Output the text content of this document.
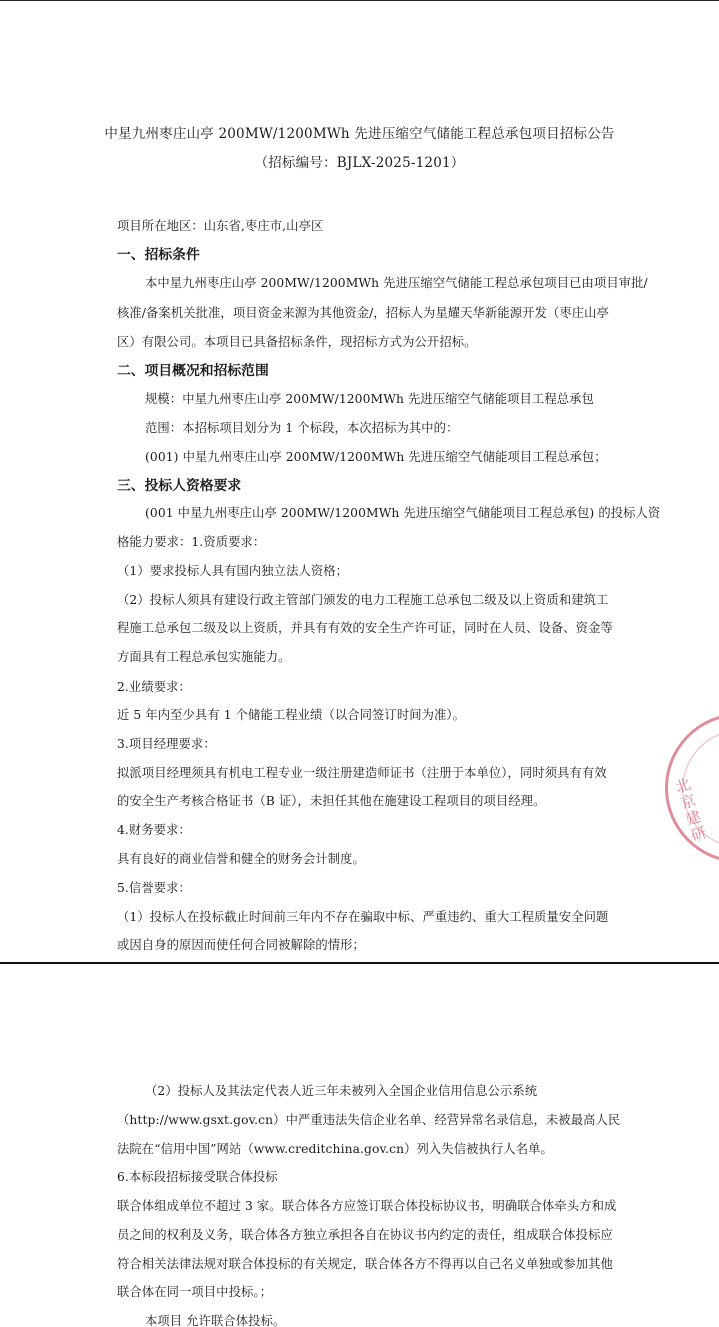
中星九州枣庄山亭 200MW/1200MWh 先进压缩空气储能工程总承包项目招标公告
（招标编号：BJLX-2025-1201）
项目所在地区：山东省,枣庄市,山亭区
一、招标条件
本中星九州枣庄山亭 200MW/1200MWh 先进压缩空气储能工程总承包项目已由项目审批/
核准/备案机关批准，项目资金来源为其他资金/，招标人为星耀天华新能源开发（枣庄山亭
区）有限公司。本项目已具备招标条件，现招标方式为公开招标。
二、项目概况和招标范围
规模：中星九州枣庄山亭 200MW/1200MWh 先进压缩空气储能项目工程总承包
范围：本招标项目划分为 1 个标段，本次招标为其中的：
(001) 中星九州枣庄山亭 200MW/1200MWh 先进压缩空气储能项目工程总承包；
三、投标人资格要求
(001 中星九州枣庄山亭 200MW/1200MWh 先进压缩空气储能项目工程总承包) 的投标人资
格能力要求：1.资质要求：
（1）要求投标人具有国内独立法人资格；
（2）投标人须具有建设行政主管部门颁发的电力工程施工总承包二级及以上资质和建筑工
程施工总承包二级及以上资质，并具有有效的安全生产许可证，同时在人员、设备、资金等
方面具有工程总承包实施能力。
2.业绩要求：
近 5 年内至少具有 1 个储能工程业绩（以合同签订时间为准）。
3.项目经理要求：
拟派项目经理须具有机电工程专业一级注册建造师证书（注册于本单位），同时须具有有效
的安全生产考核合格证书（B 证），未担任其他在施建设工程项目的项目经理。
4.财务要求：
具有良好的商业信誉和健全的财务会计制度。
5.信誉要求：
（1）投标人在投标截止时间前三年内不存在骗取中标、严重违约、重大工程质量安全问题
或因自身的原因而使任何合同被解除的情形；
北京建研
（2）投标人及其法定代表人近三年未被列入全国企业信用信息公示系统
（http://www.gsxt.gov.cn）中严重违法失信企业名单、经营异常名录信息，未被最高人民
法院在“信用中国”网站（www.creditchina.gov.cn）列入失信被执行人名单。
6.本标段招标接受联合体投标
联合体组成单位不超过 3 家。联合体各方应签订联合体投标协议书，明确联合体牵头方和成
员之间的权利及义务，联合体各方独立承担各自在协议书内约定的责任，组成联合体投标应
符合相关法律法规对联合体投标的有关规定，联合体各方不得再以自己名义单独或参加其他
联合体在同一项目中投标。；
本项目 允许联合体投标。
